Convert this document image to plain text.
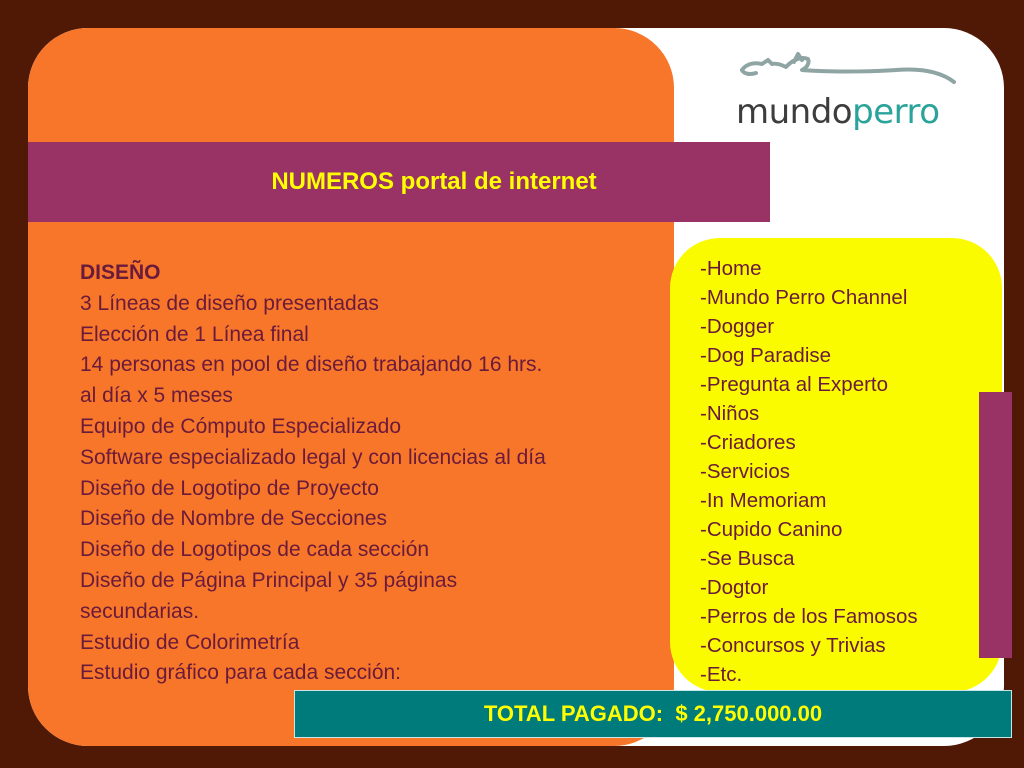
mundoperro
NUMEROS portal de internet
DISEÑO
3 Líneas de diseño presentadas
Elección de 1 Línea final
14 personas en pool de diseño trabajando 16 hrs.
al día x 5 meses
Equipo de Cómputo Especializado
Software especializado legal y con licencias al día
Diseño de Logotipo de Proyecto
Diseño de Nombre de Secciones
Diseño de Logotipos de cada sección
Diseño de Página Principal y 35 páginas
secundarias.
Estudio de Colorimetría
Estudio gráfico para cada sección:
-Home
-Mundo Perro Channel
-Dogger
-Dog Paradise
-Pregunta al Experto
-Niños
-Criadores
-Servicios
-In Memoriam
-Cupido Canino
-Se Busca
-Dogtor
-Perros de los Famosos
-Concursos y Trivias
-Etc.
TOTAL PAGADO:  $ 2,750.000.00
